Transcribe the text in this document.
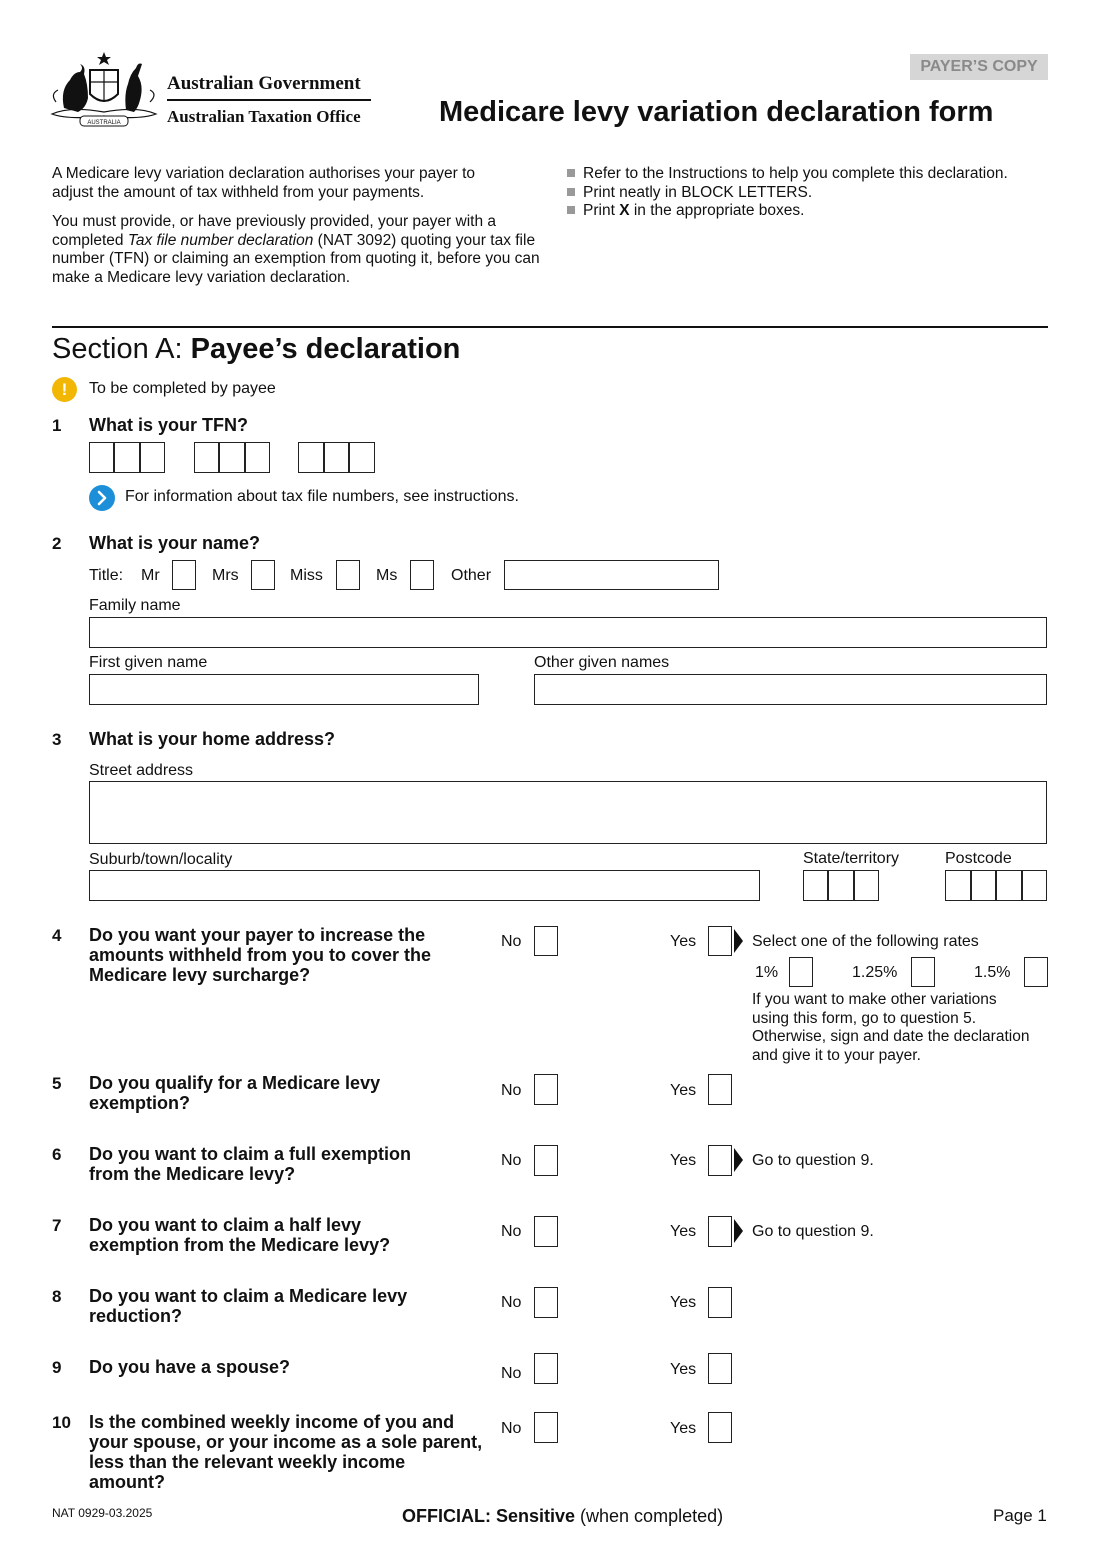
PAYER’S COPY
AUSTRALIA
Australian Government
Australian Taxation Office	Medicare levy variation declaration form
A Medicare levy variation declaration authorises your payer to adjust the amount of tax withheld from your payments.
You must provide, or have previously provided, your payer with a completed Tax file number declaration (NAT 3092) quoting your tax file number (TFN) or claiming an exemption from quoting it, before you can make a Medicare levy variation declaration.
Refer to the Instructions to help you complete this declaration.
Print neatly in BLOCK LETTERS.
Print X in the appropriate boxes.
Section A: Payee’s declaration
!	To be completed by payee
1 What is your TFN?
For information about tax file numbers, see instructions.
2 What is your name?
Title: Mr	Mrs	Miss	Ms	Other
Family name
First given name	Other given names
3 What is your home address?
Street address
Suburb/town/locality	State/territory	Postcode
4 Do you want your payer to increase the amounts withheld from you to cover the Medicare levy surcharge?
No	Yes	Select one of the following rates
1%	1.25%	1.5%
If you want to make other variations using this form, go to question 5. Otherwise, sign and date the declaration and give it to your payer.
5 Do you qualify for a Medicare levy exemption?
No	Yes
6 Do you want to claim a full exemption from the Medicare levy?
No	Yes	Go to question 9.
7 Do you want to claim a half levy exemption from the Medicare levy?
No	Yes	Go to question 9.
8 Do you want to claim a Medicare levy reduction?
No	Yes
9 Do you have a spouse?	No	Yes
10 Is the combined weekly income of you and your spouse, or your income as a sole parent, less than the relevant weekly income amount?
No	Yes
NAT 0929-03.2025	OFFICIAL: Sensitive (when completed)	Page 1
